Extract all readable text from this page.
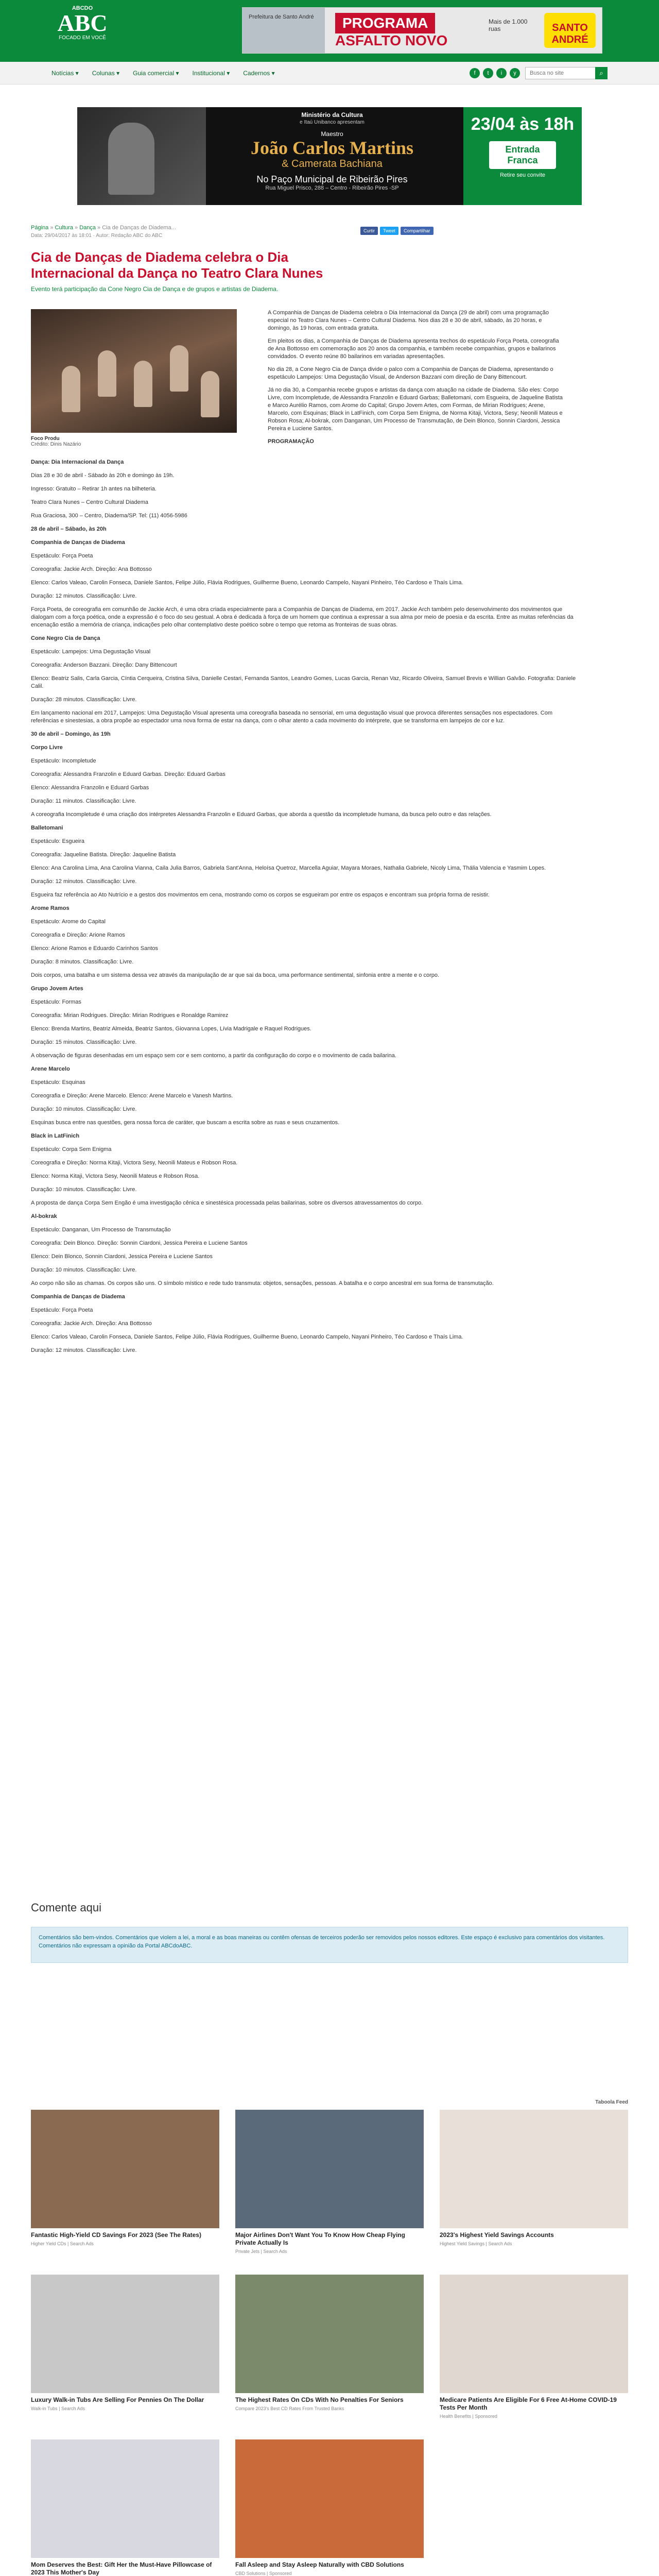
ABCDO
ABC
FOCADO EM VOCÊ
Prefeitura de Santo André	PROGRAMA
ASFALTO NOVO
Mais de 1.000 ruas	SANTO ANDRÉ
Notícias ▾ Colunas ▾ Guia comercial ▾ Institucional ▾ Cadernos ▾	f	t	i	y
Busca no site	⌕
Ministério da Cultura
e Itaú Unibanco apresentam
Maestro
João Carlos Martins
& Camerata Bachiana
No Paço Municipal de Ribeirão Pires
Rua Miguel Prisco, 288 – Centro - Ribeirão Pires -SP
23/04 às 18h
Entrada Franca
Retire seu convite
Página » Cultura » Dança » Cia de Danças de Diadema...
Data: 29/04/2017 às 18:01 · Autor: Redação ABC do ABC
Curtir	Tweet	Compartilhar
Cia de Danças de Diadema celebra o Dia Internacional da Dança no Teatro Clara Nunes
Evento terá participação da Cone Negro Cia de Dança e de grupos e artistas de Diadema.
Foco Produ
Crédito: Dinis Nazário

A Companhia de Danças de Diadema celebra o Dia Internacional da Dança (29 de abril) com uma programação especial no Teatro Clara Nunes – Centro Cultural Diadema. Nos dias 28 e 30 de abril, sábado, às 20 horas, e domingo, às 19 horas, com entrada gratuita.

Em pleitos os dias, a Companhia de Danças de Diadema apresenta trechos do espetáculo Força Poeta, coreografia de Ana Bottosso em comemoração aos 20 anos da companhia, e também recebe companhias, grupos e bailarinos convidados. O evento reúne 80 bailarinos em variadas apresentações.

No dia 28, a Cone Negro Cia de Dança divide o palco com a Companhia de Danças de Diadema, apresentando o espetáculo Lampejos: Uma Degustação Visual, de Anderson Bazzani com direção de Dany Bittencourt.

Já no dia 30, a Companhia recebe grupos e artistas da dança com atuação na cidade de Diadema. São eles: Corpo Livre, com Incompletude, de Alessandra Franzolin e Eduard Garbas; Balletomani, com Esgueira, de Jaqueline Batista e Marco Aurélio Ramos, com Arome do Capital; Grupo Jovem Artes, com Formas, de Mirian Rodrigues; Arene, Marcelo, com Esquinas; Black in LatFinich, com Corpa Sem Enigma, de Norma Kitaji, Victora, Sesy; Neonili Mateus e Robson Rosa; Al-bokrak, com Danganan, Um Processo de Transmutação, de Dein Blonco, Sonnin Ciardoni, Jessica Pereira e Luciene Santos.

PROGRAMAÇÃO

Dança: Dia Internacional da Dança

Dias 28 e 30 de abril - Sábado às 20h e domingo às 19h.

Ingresso: Gratuito – Retirar 1h antes na bilheteria.

Teatro Clara Nunes – Centro Cultural Diadema

Rua Graciosa, 300 – Centro, Diadema/SP. Tel: (11) 4056-5986

28 de abril – Sábado, às 20h

Companhia de Danças de Diadema

Espetáculo: Força Poeta

Coreografia: Jackie Arch. Direção: Ana Bottosso

Elenco: Carlos Valeao, Carolin Fonseca, Daniele Santos, Felipe Júlio, Flávia Rodrigues, Guilherme Bueno, Leonardo Campelo, Nayani Pinheiro, Téo Cardoso e Thaís Lima.

Duração: 12 minutos. Classificação: Livre.

Força Poeta, de coreografia em comunhão de Jackie Arch, é uma obra criada especialmente para a Companhia de Danças de Diadema, em 2017. Jackie Arch também pelo desenvolvimento dos movimentos que dialogam com a força poética, onde a expressão é o foco do seu gestual. A obra é dedicada à força de um homem que continua a expressar a sua alma por meio de poesia e da escrita. Entre as muitas referências da encenação estão a memória de criança, indicações pelo olhar contemplativo deste poético sobre o tempo que retoma as fronteiras de suas obras.

Cone Negro Cia de Dança

Espetáculo: Lampejos: Uma Degustação Visual

Coreografia: Anderson Bazzani. Direção: Dany Bittencourt

Elenco: Beatriz Salis, Carla Garcia, Cíntia Cerqueira, Cristina Silva, Danielle Cestari, Fernanda Santos, Leandro Gomes, Lucas Garcia, Renan Vaz, Ricardo Oliveira, Samuel Brevis e Willian Galvão. Fotografia: Daniele Calil.

Duração: 28 minutos. Classificação: Livre.

Em lançamento nacional em 2017, Lampejos: Uma Degustação Visual apresenta uma coreografia baseada no sensorial, em uma degustação visual que provoca diferentes sensações nos espectadores. Com referências e sinestesias, a obra propõe ao espectador uma nova forma de estar na dança, com o olhar atento a cada movimento do intérprete, que se transforma em lampejos de cor e luz.

30 de abril – Domingo, às 19h

Corpo Livre

Espetáculo: Incompletude

Coreografia: Alessandra Franzolin e Eduard Garbas. Direção: Eduard Garbas

Elenco: Alessandra Franzolin e Eduard Garbas

Duração: 11 minutos. Classificação: Livre.

A coreografia Incompletude é uma criação dos intérpretes Alessandra Franzolin e Eduard Garbas, que aborda a questão da incompletude humana, da busca pelo outro e das relações.

Balletomani

Espetáculo: Esgueira

Coreografia: Jaqueline Batista. Direção: Jaqueline Batista

Elenco: Ana Carolina Lima, Ana Carolina Vianna, Caila Julia Barros, Gabriela Sant'Anna, Heloísa Quetroz, Marcella Aguiar, Mayara Moraes, Nathalia Gabriele, Nicoly Lima, Thália Valencia e Yasmim Lopes.

Duração: 12 minutos. Classificação: Livre.

Esgueira faz referência ao Ato Nutrício e a gestos dos movimentos em cena, mostrando como os corpos se esgueiram por entre os espaços e encontram sua própria forma de resistir.

Arome Ramos

Espetáculo: Arome do Capital

Coreografia e Direção: Arione Ramos

Elenco: Arione Ramos e Eduardo Carinhos Santos

Duração: 8 minutos. Classificação: Livre.

Dois corpos, uma batalha e um sistema dessa vez através da manipulação de ar que sai da boca, uma performance sentimental, sinfonia entre a mente e o corpo.

Grupo Jovem Artes

Espetáculo: Formas

Coreografia: Mirian Rodrigues. Direção: Mirian Rodrigues e Ronaldge Ramirez

Elenco: Brenda Martins, Beatriz Almeida, Beatriz Santos, Giovanna Lopes, Lívia Madrigale e Raquel Rodrigues.

Duração: 15 minutos. Classificação: Livre.

A observação de figuras desenhadas em um espaço sem cor e sem contorno, a partir da configuração do corpo e o movimento de cada bailarina.

Arene Marcelo

Espetáculo: Esquinas

Coreografia e Direção: Arene Marcelo. Elenco: Arene Marcelo e Vanesh Martins.

Duração: 10 minutos. Classificação: Livre.

Esquinas busca entre nas questões, gera nossa forca de caráter, que buscam a escrita sobre as ruas e seus cruzamentos.

Black in LatFinich

Espetáculo: Corpa Sem Enigma

Coreografia e Direção: Norma Kitaji, Victora Sesy, Neonili Mateus e Robson Rosa.

Elenco: Norma Kitaji, Victora Sesy, Neonili Mateus e Robson Rosa.

Duração: 10 minutos. Classificação: Livre.

A proposta de dança Corpa Sem Engão é uma investigação cênica e sinestésica processada pelas bailarinas, sobre os diversos atravessamentos do corpo.

Al-bokrak

Espetáculo: Danganan, Um Processo de Transmutação

Coreografia: Dein Blonco. Direção: Sonnin Ciardoni, Jessica Pereira e Luciene Santos

Elenco: Dein Blonco, Sonnin Ciardoni, Jessica Pereira e Luciene Santos

Duração: 10 minutos. Classificação: Livre.

Ao corpo não são as chamas. Os corpos são uns. O símbolo místico e rede tudo transmuta: objetos, sensações, pessoas. A batalha e o corpo ancestral em sua forma de transmutação.

Companhia de Danças de Diadema

Espetáculo: Força Poeta

Coreografia: Jackie Arch. Direção: Ana Bottosso

Elenco: Carlos Valeao, Carolin Fonseca, Daniele Santos, Felipe Júlio, Flávia Rodrigues, Guilherme Bueno, Leonardo Campelo, Nayani Pinheiro, Téo Cardoso e Thaís Lima.

Duração: 12 minutos. Classificação: Livre.

Comente aqui
Comentários são bem-vindos. Comentários que violem a lei, a moral e as boas maneiras ou contêm ofensas de terceiros poderão ser removidos pelos nossos editores. Este espaço é exclusivo para comentários dos visitantes. Comentários não expressam a opinião da Portal ABCdoABC.
Taboola Feed
Fantastic High-Yield CD Savings For 2023 (See The Rates)
Higher Yield CDs | Search Ads
Major Airlines Don't Want You To Know How Cheap Flying Private Actually Is
Private Jets | Search Ads
2023's Highest Yield Savings Accounts
Highest Yield Savings | Search Ads
Luxury Walk-in Tubs Are Selling For Pennies On The Dollar
Walk-in Tubs | Search Ads
The Highest Rates On CDs With No Penalties For Seniors
Compare 2023's Best CD Rates From Trusted Banks
Medicare Patients Are Eligible For 6 Free At-Home COVID-19 Tests Per Month
Health Benefits | Sponsored
Mom Deserves the Best: Gift Her the Must-Have Pillowcase of 2023 This Mother's Day
Fall Asleep and Stay Asleep Naturally with CBD Solutions
CBD Solutions | Sponsored
